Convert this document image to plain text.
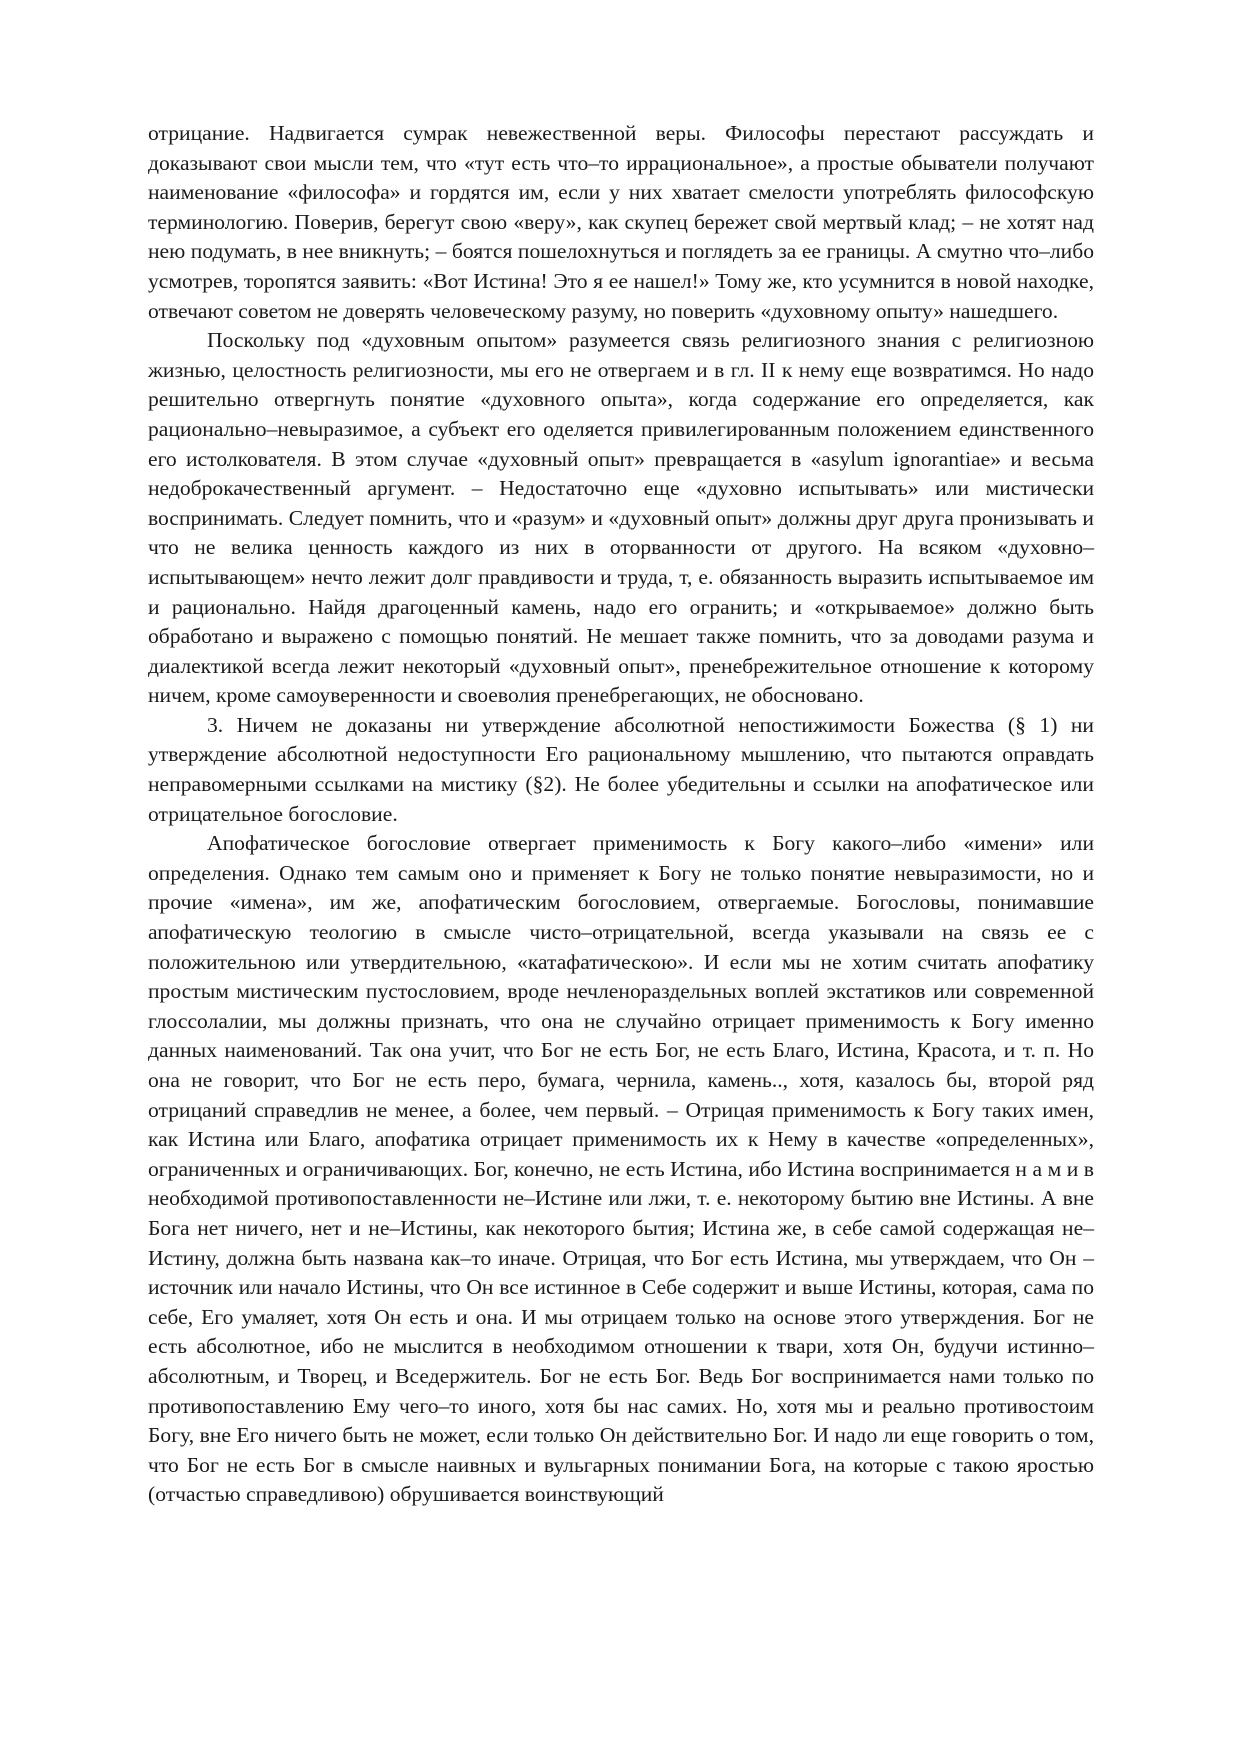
отрицание. Надвигается сумрак невежественной веры. Философы перестают рассуждать и доказывают свои мысли тем, что «тут есть что–то иррациональное», а простые обыватели получают наименование «философа» и гордятся им, если у них хватает смелости употреблять философскую терминологию. Поверив, берегут свою «веру», как скупец бережет свой мертвый клад; – не хотят над нею подумать, в нее вникнуть; – боятся пошелохнуться и поглядеть за ее границы. А смутно что–либо усмотрев, торопятся заявить: «Вот Истина! Это я ее нашел!» Тому же, кто усумнится в новой находке, отвечают советом не доверять человеческому разуму, но поверить «духовному опыту» нашедшего.

Поскольку под «духовным опытом» разумеется связь религиозного знания с религиозною жизнью, целостность религиозности, мы его не отвергаем и в гл. II к нему еще возвратимся. Но надо решительно отвергнуть понятие «духовного опыта», когда содержание его определяется, как рационально–невыразимое, а субъект его оделяется привилегированным положением единственного его истолкователя. В этом случае «духовный опыт» превращается в «asylum ignorantiae» и весьма недоброкачественный аргумент. – Недостаточно еще «духовно испытывать» или мистически воспринимать. Следует помнить, что и «разум» и «духовный опыт» должны друг друга пронизывать и что не велика ценность каждого из них в оторванности от другого. На всяком «духовно–испытывающем» нечто лежит долг правдивости и труда, т, е. обязанность выразить испытываемое им и рационально. Найдя драгоценный камень, надо его огранить; и «открываемое» должно быть обработано и выражено с помощью понятий. Не мешает также помнить, что за доводами разума и диалектикой всегда лежит некоторый «духовный опыт», пренебрежительное отношение к которому ничем, кроме самоуверенности и своеволия пренебрегающих, не обосновано.

3. Ничем не доказаны ни утверждение абсолютной непостижимости Божества (§ 1) ни утверждение абсолютной недоступности Его рациональному мышлению, что пытаются оправдать неправомерными ссылками на мистику (§2). Не более убедительны и ссылки на апофатическое или отрицательное богословие.

Апофатическое богословие отвергает применимость к Богу какого–либо «имени» или определения. Однако тем самым оно и применяет к Богу не только понятие невыразимости, но и прочие «имена», им же, апофатическим богословием, отвергаемые. Богословы, понимавшие апофатическую теологию в смысле чисто–отрицательной, всегда указывали на связь ее с положительною или утвердительною, «катафатическою». И если мы не хотим считать апофатику простым мистическим пустословием, вроде нечленораздельных воплей экстатиков или современной глоссолалии, мы должны признать, что она не случайно отрицает применимость к Богу именно данных наименований. Так она учит, что Бог не есть Бог, не есть Благо, Истина, Красота, и т. п. Но она не говорит, что Бог не есть перо, бумага, чернила, камень.., хотя, казалось бы, второй ряд отрицаний справедлив не менее, а более, чем первый. – Отрицая применимость к Богу таких имен, как Истина или Благо, апофатика отрицает применимость их к Нему в качестве «определенных», ограниченных и ограничивающих. Бог, конечно, не есть Истина, ибо Истина воспринимается н а м и в необходимой противопоставленности не–Истине или лжи, т. е. некоторому бытию вне Истины. А вне Бога нет ничего, нет и не–Истины, как некоторого бытия; Истина же, в себе самой содержащая не–Истину, должна быть названа как–то иначе. Отрицая, что Бог есть Истина, мы утверждаем, что Он – источник или начало Истины, что Он все истинное в Себе содержит и выше Истины, которая, сама по себе, Его умаляет, хотя Он есть и она. И мы отрицаем только на основе этого утверждения. Бог не есть абсолютное, ибо не мыслится в необходимом отношении к твари, хотя Он, будучи истинно–абсолютным, и Творец, и Вседержитель. Бог не есть Бог. Ведь Бог воспринимается нами только по противопоставлению Ему чего–то иного, хотя бы нас самих. Но, хотя мы и реально противостоим Богу, вне Его ничего быть не может, если только Он действительно Бог. И надо ли еще говорить о том, что Бог не есть Бог в смысле наивных и вульгарных понимании Бога, на которые с такою яростью (отчастью справедливою) обрушивается воинствующий
